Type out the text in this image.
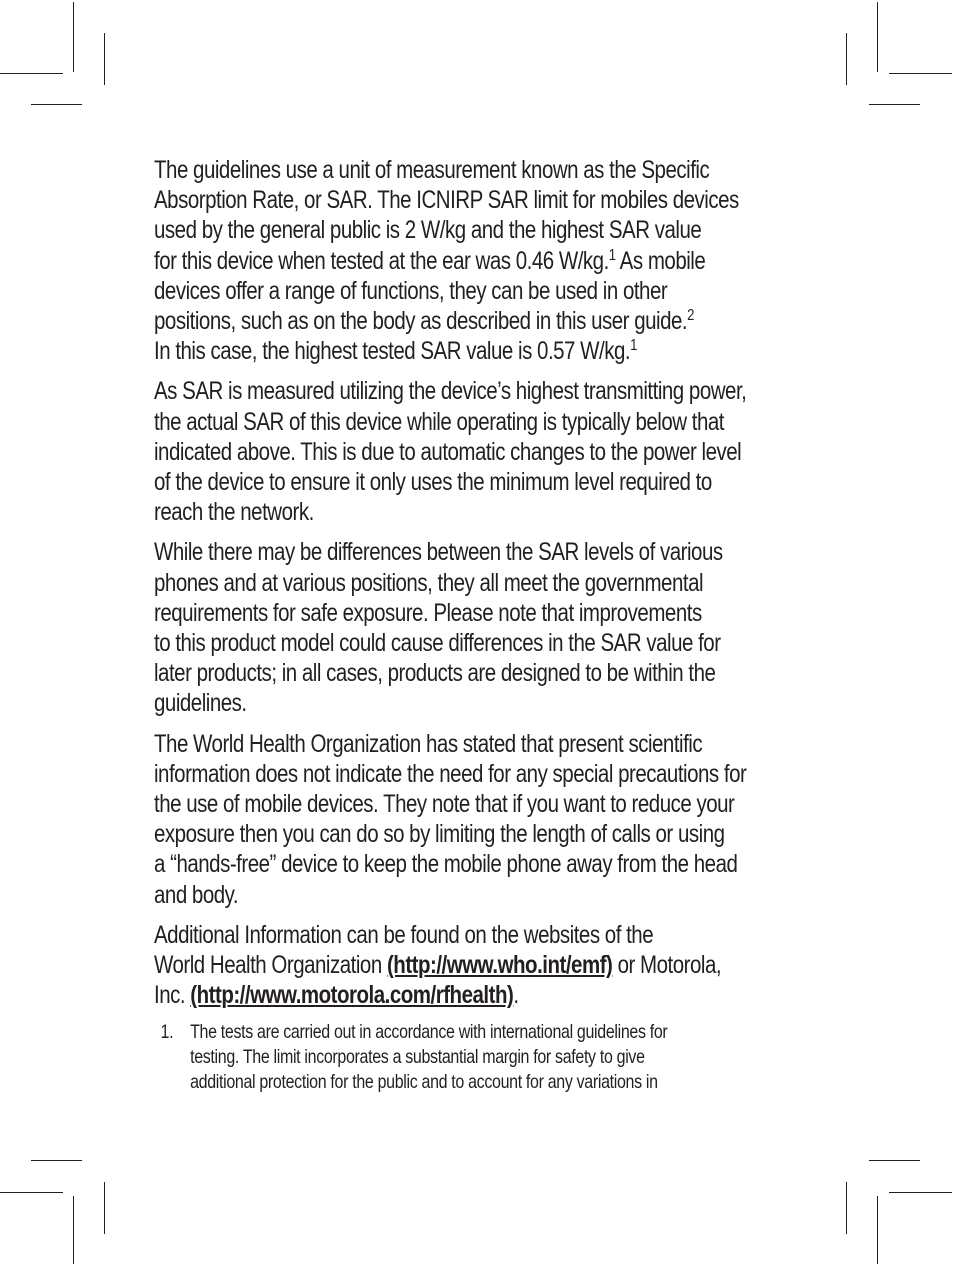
The guidelines use a unit of measurement known as the Specific
Absorption Rate, or SAR. The ICNIRP SAR limit for mobiles devices
used by the general public is 2 W/kg and the highest SAR value
for this device when tested at the ear was 0.46 W/kg.$^1$ As mobile
devices offer a range of functions, they can be used in other
positions, such as on the body as described in this user guide.$^2$
In this case, the highest tested SAR value is 0.57 W/kg.$^1$

As SAR is measured utilizing the device’s highest transmitting power,
the actual SAR of this device while operating is typically below that
indicated above. This is due to automatic changes to the power level
of the device to ensure it only uses the minimum level required to
reach the network.

While there may be differences between the SAR levels of various
phones and at various positions, they all meet the governmental
requirements for safe exposure. Please note that improvements
to this product model could cause differences in the SAR value for
later products; in all cases, products are designed to be within the
guidelines.

The World Health Organization has stated that present scientific
information does not indicate the need for any special precautions for
the use of mobile devices. They note that if you want to reduce your
exposure then you can do so by limiting the length of calls or using
a “hands-free” device to keep the mobile phone away from the head
and body.

Additional Information can be found on the websites of the
World Health Organization (http://www.who.int/emf) or Motorola,
Inc. (http://www.motorola.com/rfhealth).

1. The tests are carried out in accordance with international guidelines for
testing. The limit incorporates a substantial margin for safety to give
additional protection for the public and to account for any variations in
